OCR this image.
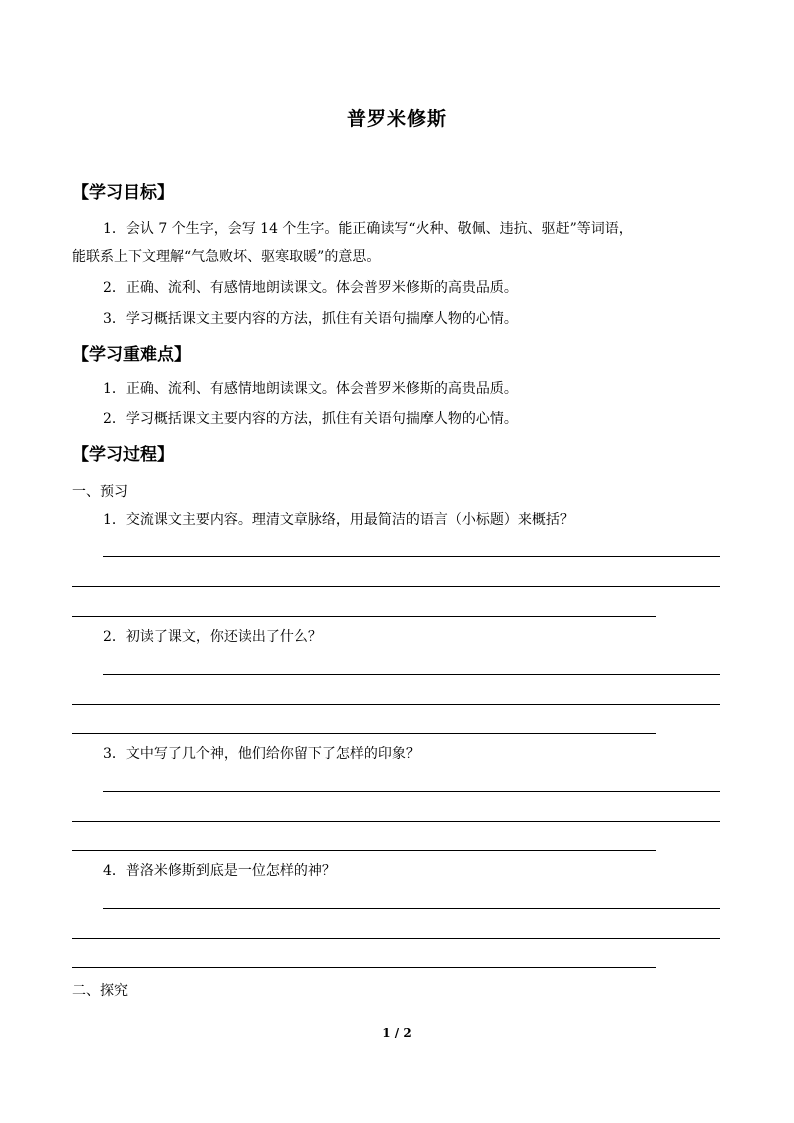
普罗米修斯
【学习目标】
1．会认 7 个生字，会写 14 个生字。能正确读写“火种、敬佩、违抗、驱赶”等词语，
能联系上下文理解“气急败坏、驱寒取暖”的意思。
2．正确、流利、有感情地朗读课文。体会普罗米修斯的高贵品质。
3．学习概括课文主要内容的方法，抓住有关语句揣摩人物的心情。
【学习重难点】
1．正确、流利、有感情地朗读课文。体会普罗米修斯的高贵品质。
2．学习概括课文主要内容的方法，抓住有关语句揣摩人物的心情。
【学习过程】
一、预习
1．交流课文主要内容。理清文章脉络，用最简洁的语言（小标题）来概括？
2．初读了课文，你还读出了什么？
3．文中写了几个神，他们给你留下了怎样的印象？
4．普洛米修斯到底是一位怎样的神？
二、探究
1 / 2
